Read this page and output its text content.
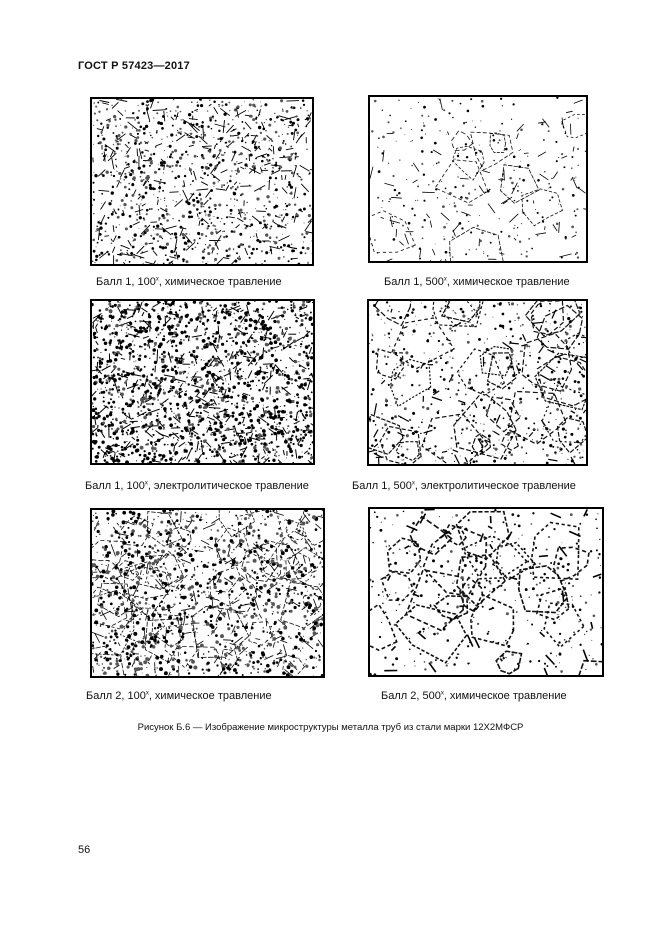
ГОСТ Р 57423—2017
Балл 1, $100^х$, химическое травление	Балл 1, $500^х$, химическое травление
Балл 1, $100^х$, электролитическое травление	Балл 1, $500^х$, электролитическое травление
Балл 2, $100^х$, химическое травление	Балл 2, $500^х$, химическое травление
Рисунок Б.6 — Изображение микроструктуры металла труб из стали марки 12Х2МФСР
56
